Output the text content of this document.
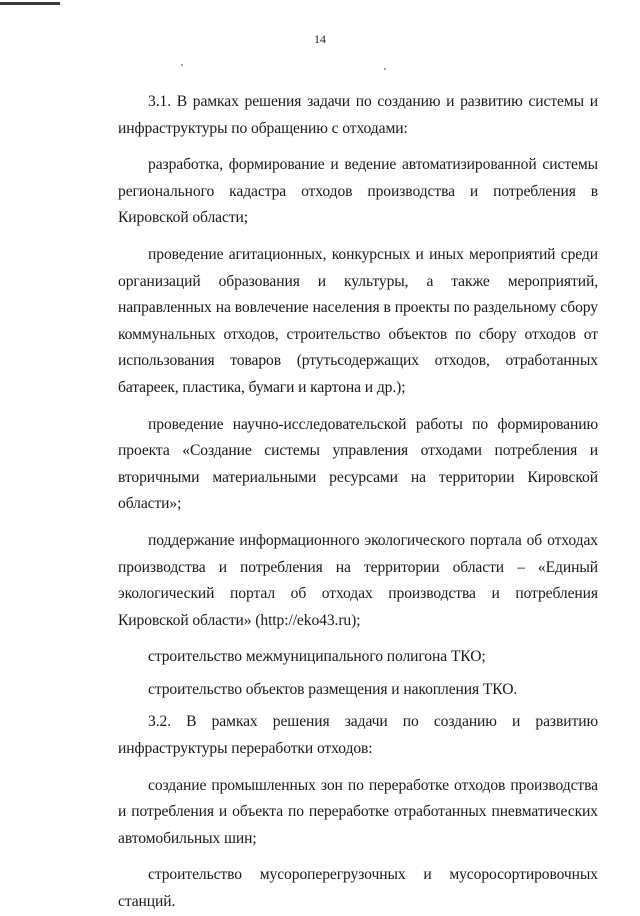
14

3.1. В рамках решения задачи по созданию и развитию системы и инфраструктуры по обращению с отходами:

разработка, формирование и ведение автоматизированной системы регионального кадастра отходов производства и потребления в Кировской области;

проведение агитационных, конкурсных и иных мероприятий среди организаций образования и культуры, а также мероприятий, направленных на вовлечение населения в проекты по раздельному сбору коммунальных отходов, строительство объектов по сбору отходов от использования товаров (ртутьсодержащих отходов, отработанных батареек, пластика, бумаги и картона и др.);

проведение научно-исследовательской работы по формированию проекта «Создание системы управления отходами потребления и вторичными материальными ресурсами на территории Кировской области»;

поддержание информационного экологического портала об отходах производства и потребления на территории области – «Единый экологический портал об отходах производства и потребления Кировской области» (http://eko43.ru);

строительство межмуниципального полигона ТКО;

строительство объектов размещения и накопления ТКО.

3.2. В рамках решения задачи по созданию и развитию инфраструктуры переработки отходов:

создание промышленных зон по переработке отходов производства и потребления и объекта по переработке отработанных пневматических автомобильных шин;

строительство мусороперегрузочных и мусоросортировочных станций.
